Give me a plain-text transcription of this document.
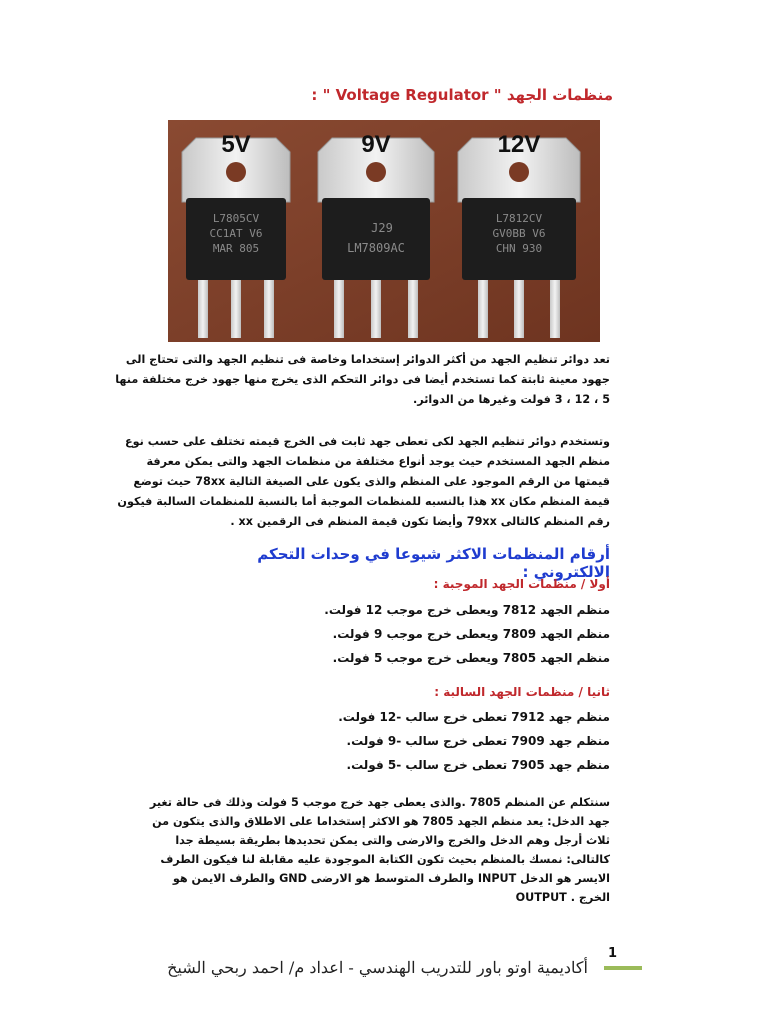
منظمات الجهد " Voltage Regulator " :
5V
L7805CV
CC1AT V6
MAR 805
9V
J29
LM7809AC
12V
L7812CV
GV0BB V6
CHN 930
تعد دوائر تنظيم الجهد من أكثر الدوائر إستخداما وخاصة فى تنظيم الجهد والتى تحتاج الى جهود معينة ثابتة كما تستخدم أيضا فى دوائر التحكم الذى يخرج منها جهود خرج مختلفة منها 5 ، 12 ، 3 فولت وغيرها من الدوائر.
وتستخدم دوائر تنظيم الجهد لكى تعطى جهد ثابت فى الخرج قيمته تختلف على حسب نوع منظم الجهد المستخدم حيث يوجد أنواع مختلفة من منظمات الجهد والتى يمكن معرفة قيمتها من الرقم الموجود على المنظم والذى يكون على الصيغة التالية 78xx حيث توضع قيمة المنظم مكان xx هذا بالنسبه للمنظمات الموجبة أما بالنسبة للمنظمات السالبة فيكون رقم المنظم كالتالى 79xx وأيضا تكون قيمة المنظم فى الرقمين xx .
أرقام المنظمات الاكثر شيوعا في وحدات التحكم الالكتروني :
أولا / منظمات الجهد الموجبة :
منظم الجهد 7812 ويعطى خرج موجب 12 فولت.
منظم الجهد 7809 ويعطى خرج موجب 9 فولت.
منظم الجهد 7805 ويعطى خرج موجب 5 فولت.
ثانيا / منظمات الجهد السالبة :
منظم جهد 7912 تعطى خرج سالب -12 فولت.
منظم جهد 7909 تعطى خرج سالب -9 فولت.
منظم جهد 7905 تعطى خرج سالب -5 فولت.
سنتكلم عن المنظم 7805 .والذى يعطى جهد خرج موجب 5 فولت وذلك فى حالة تغير جهد الدخل: يعد منظم الجهد 7805 هو الاكثر إستخداما على الاطلاق والذى يتكون من ثلاث أرجل وهم الدخل والخرج والارضى والتى يمكن تحديدها بطريقة بسيطة جدا كالتالى: نمسك بالمنظم بحيث تكون الكتابة الموجودة عليه مقابلة لنا فيكون الطرف الايسر هو الدخل INPUT والطرف المتوسط هو الارضى GND والطرف الايمن هو الخرج . OUTPUT
1
أكاديمية اوتو باور للتدريب الهندسي - اعداد م/ احمد ربحي الشيخ
